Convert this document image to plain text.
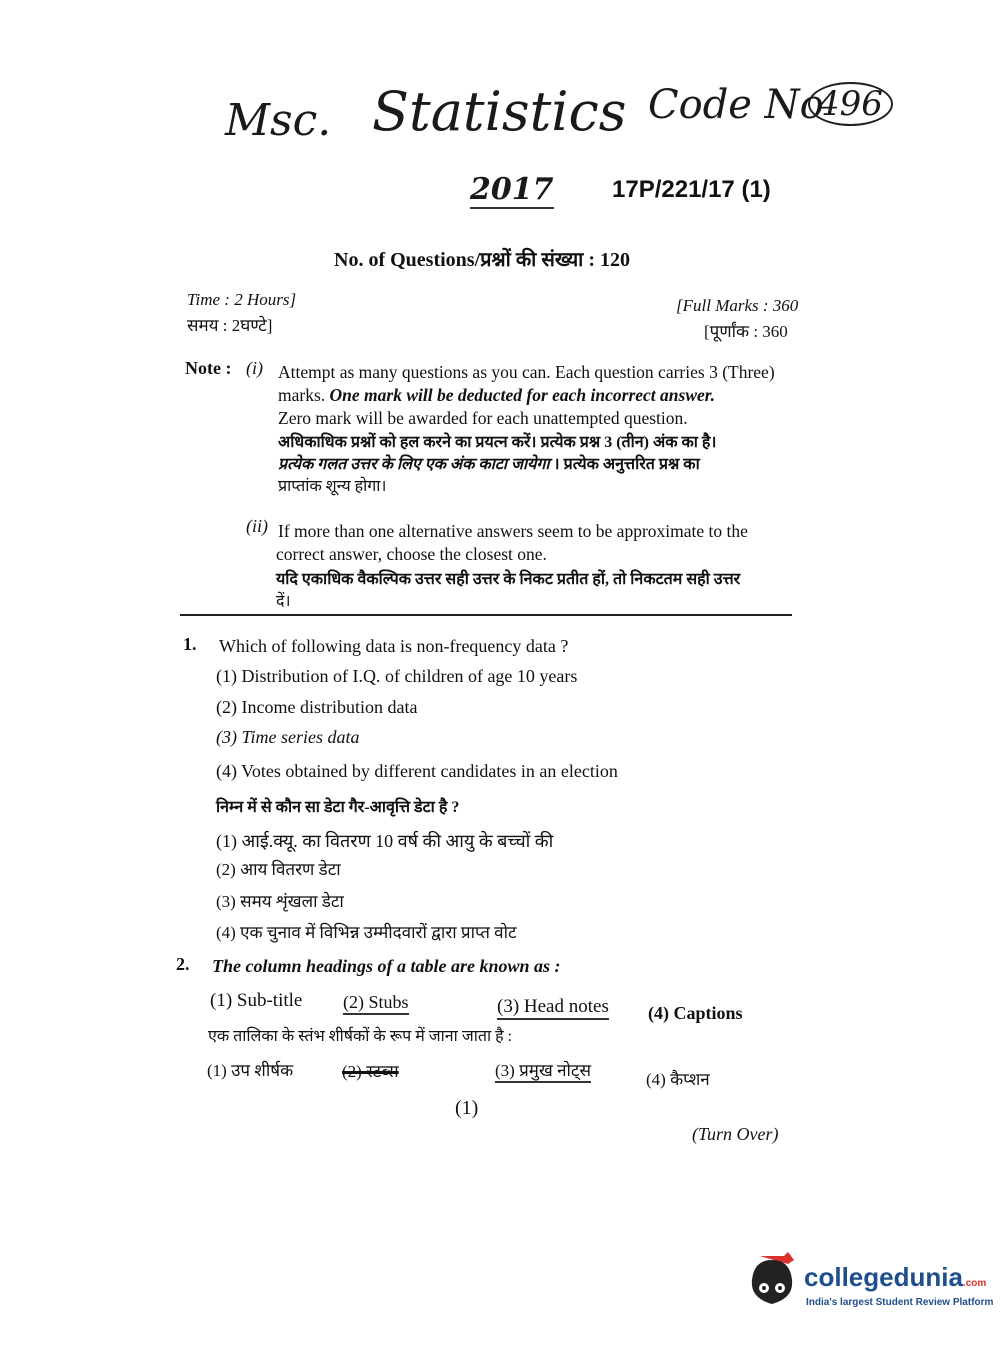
Msc. Statistics Code No
496
2017 17P/221/17 (1)
No. of Questions/प्रश्नों की संख्या : 120
Time : 2 Hours]
समय : 2घण्टे]
[Full Marks : 360
[पूर्णांक : 360
Note : (i) Attempt as many questions as you can. Each question carries 3 (Three)
marks. One mark will be deducted for each incorrect answer.
Zero mark will be awarded for each unattempted question.
अधिकाधिक प्रश्नों को हल करने का प्रयत्न करें। प्रत्येक प्रश्न 3 (तीन) अंक का है।
प्रत्येक गलत उत्तर के लिए एक अंक काटा जायेगा । प्रत्येक अनुत्तरित प्रश्न का
प्राप्तांक शून्य होगा।
(ii) If more than one alternative answers seem to be approximate to the
correct answer, choose the closest one.
यदि एकाधिक वैकल्पिक उत्तर सही उत्तर के निकट प्रतीत हों, तो निकटतम सही उत्तर
दें।
1. Which of following data is non-frequency data ?
(1) Distribution of I.Q. of children of age 10 years
(2) Income distribution data
(3) Time series data
(4) Votes obtained by different candidates in an election
निम्न में से कौन सा डेटा गैर-आवृत्ति डेटा है ?
(1) आई.क्यू. का वितरण 10 वर्ष की आयु के बच्चों की
(2) आय वितरण डेटा
(3) समय शृंखला डेटा
(4) एक चुनाव में विभिन्न उम्मीदवारों द्वारा प्राप्त वोट
2. The column headings of a table are known as :
(1) Sub-title (2) Stubs	(3) Head notes (4) Captions
एक तालिका के स्तंभ शीर्षकों के रूप में जाना जाता है :
(1) उप शीर्षक	(2) स्टब्स	(3) प्रमुख नोट्स	(4) कैप्शन
(1)
(Turn Over)
collegedunia.com
India's largest Student Review Platform
